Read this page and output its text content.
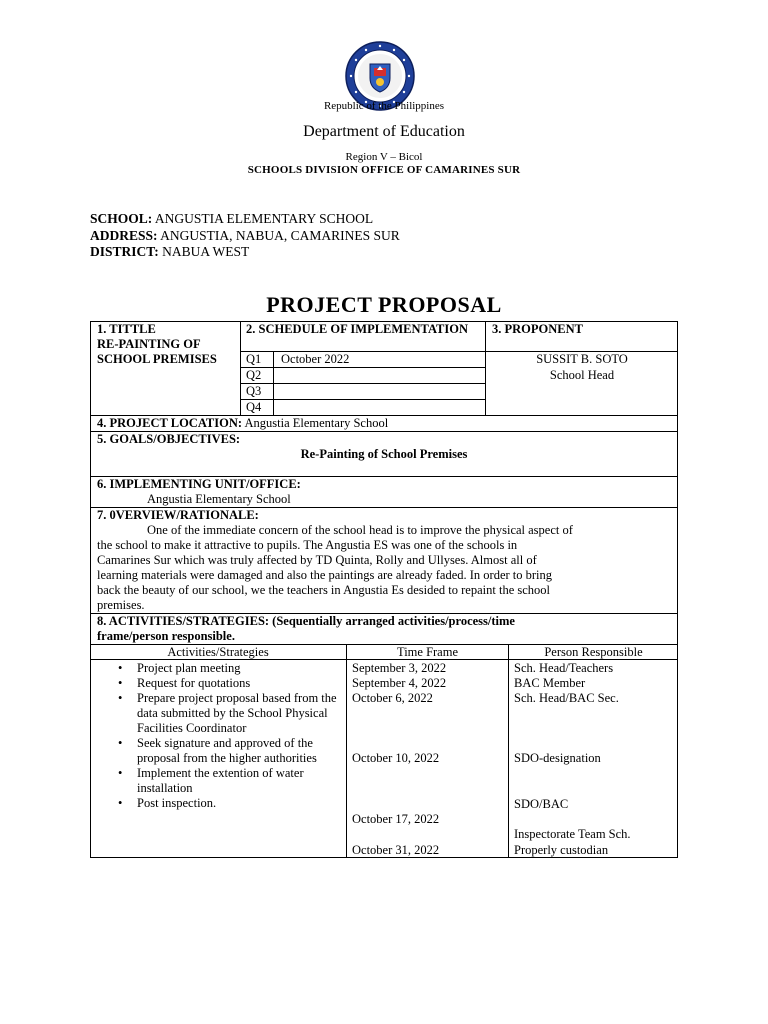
Republic of the Philippines
Department of Education
Region V – Bicol
SCHOOLS DIVISION OFFICE OF CAMARINES SUR
SCHOOL: ANGUSTIA ELEMENTARY SCHOOL
ADDRESS: ANGUSTIA, NABUA, CAMARINES SUR
DISTRICT: NABUA WEST
PROJECT PROPOSAL
1. TITTLE
RE-PAINTING OF SCHOOL PREMISES
2. SCHEDULE OF IMPLEMENTATION
Q1 October 2022
Q2
Q3
Q4
3. PROPONENT
SUSSIT B. SOTO
School Head
4. PROJECT LOCATION: Angustia Elementary School
5. GOALS/OBJECTIVES:
Re-Painting of School Premises
6. IMPLEMENTING UNIT/OFFICE:
Angustia Elementary School
7. 0VERVIEW/RATIONALE:
One of the immediate concern of the school head is to improve the physical aspect of
the school to make it attractive to pupils. The Angustia ES was one of the schools in
Camarines Sur which was truly affected by TD Quinta, Rolly and Ullyses. Almost all of
learning materials were damaged and also the paintings are already faded. In order to bring
back the beauty of our school, we the teachers in Angustia Es desided to repaint the school
premises.
8. ACTIVITIES/STRATEGIES: (Sequentially arranged activities/process/time
frame/person responsible.
Activities/Strategies	Time Frame	Person Responsible
• Project plan meeting
• Request for quotations
• Prepare project proposal based from the data submitted by the School Physical Facilities Coordinator
• Seek signature and approved of the proposal from the higher authorities
• Implement the extention of water installation
• Post inspection.
September 3, 2022
September 4, 2022
October 6, 2022
October 10, 2022
October 17, 2022
October 31, 2022
Sch. Head/Teachers
BAC Member
Sch. Head/BAC Sec.
SDO-designation
SDO/BAC
Inspectorate Team Sch.
Properly custodian
